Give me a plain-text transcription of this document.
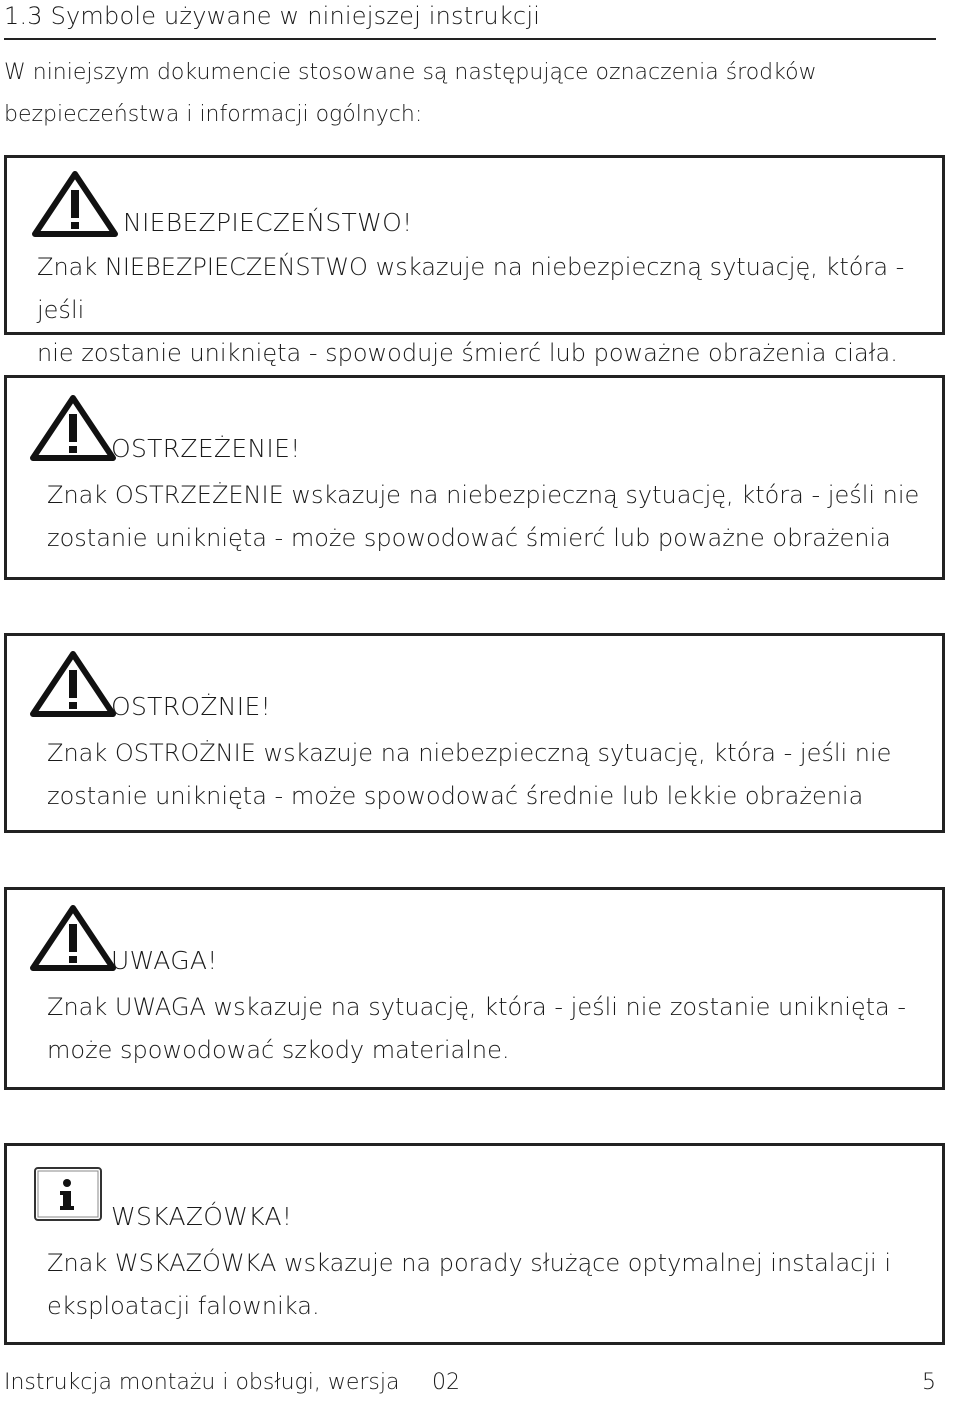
1.3 Symbole używane w niniejszej instrukcji
W niniejszym dokumencie stosowane są następujące oznaczenia środków
bezpieczeństwa i informacji ogólnych:
NIEBEZPIECZEŃSTWO!
Znak NIEBEZPIECZEŃSTWO wskazuje na niebezpieczną sytuację, która - jeśli
nie zostanie uniknięta - spowoduje śmierć lub poważne obrażenia ciała.
OSTRZEŻENIE!
Znak OSTRZEŻENIE wskazuje na niebezpieczną sytuację, która - jeśli nie
zostanie uniknięta - może spowodować śmierć lub poważne obrażenia
OSTROŻNIE!
Znak OSTROŻNIE wskazuje na niebezpieczną sytuację, która - jeśli nie
zostanie uniknięta - może spowodować średnie lub lekkie obrażenia
UWAGA!
Znak UWAGA wskazuje na sytuację, która - jeśli nie zostanie uniknięta -
może spowodować szkody materialne.
WSKAZÓWKA!
Znak WSKAZÓWKA wskazuje na porady służące optymalnej instalacji i
eksploatacji falownika.
Instrukcja montażu i obsługi, wersja 02	5
